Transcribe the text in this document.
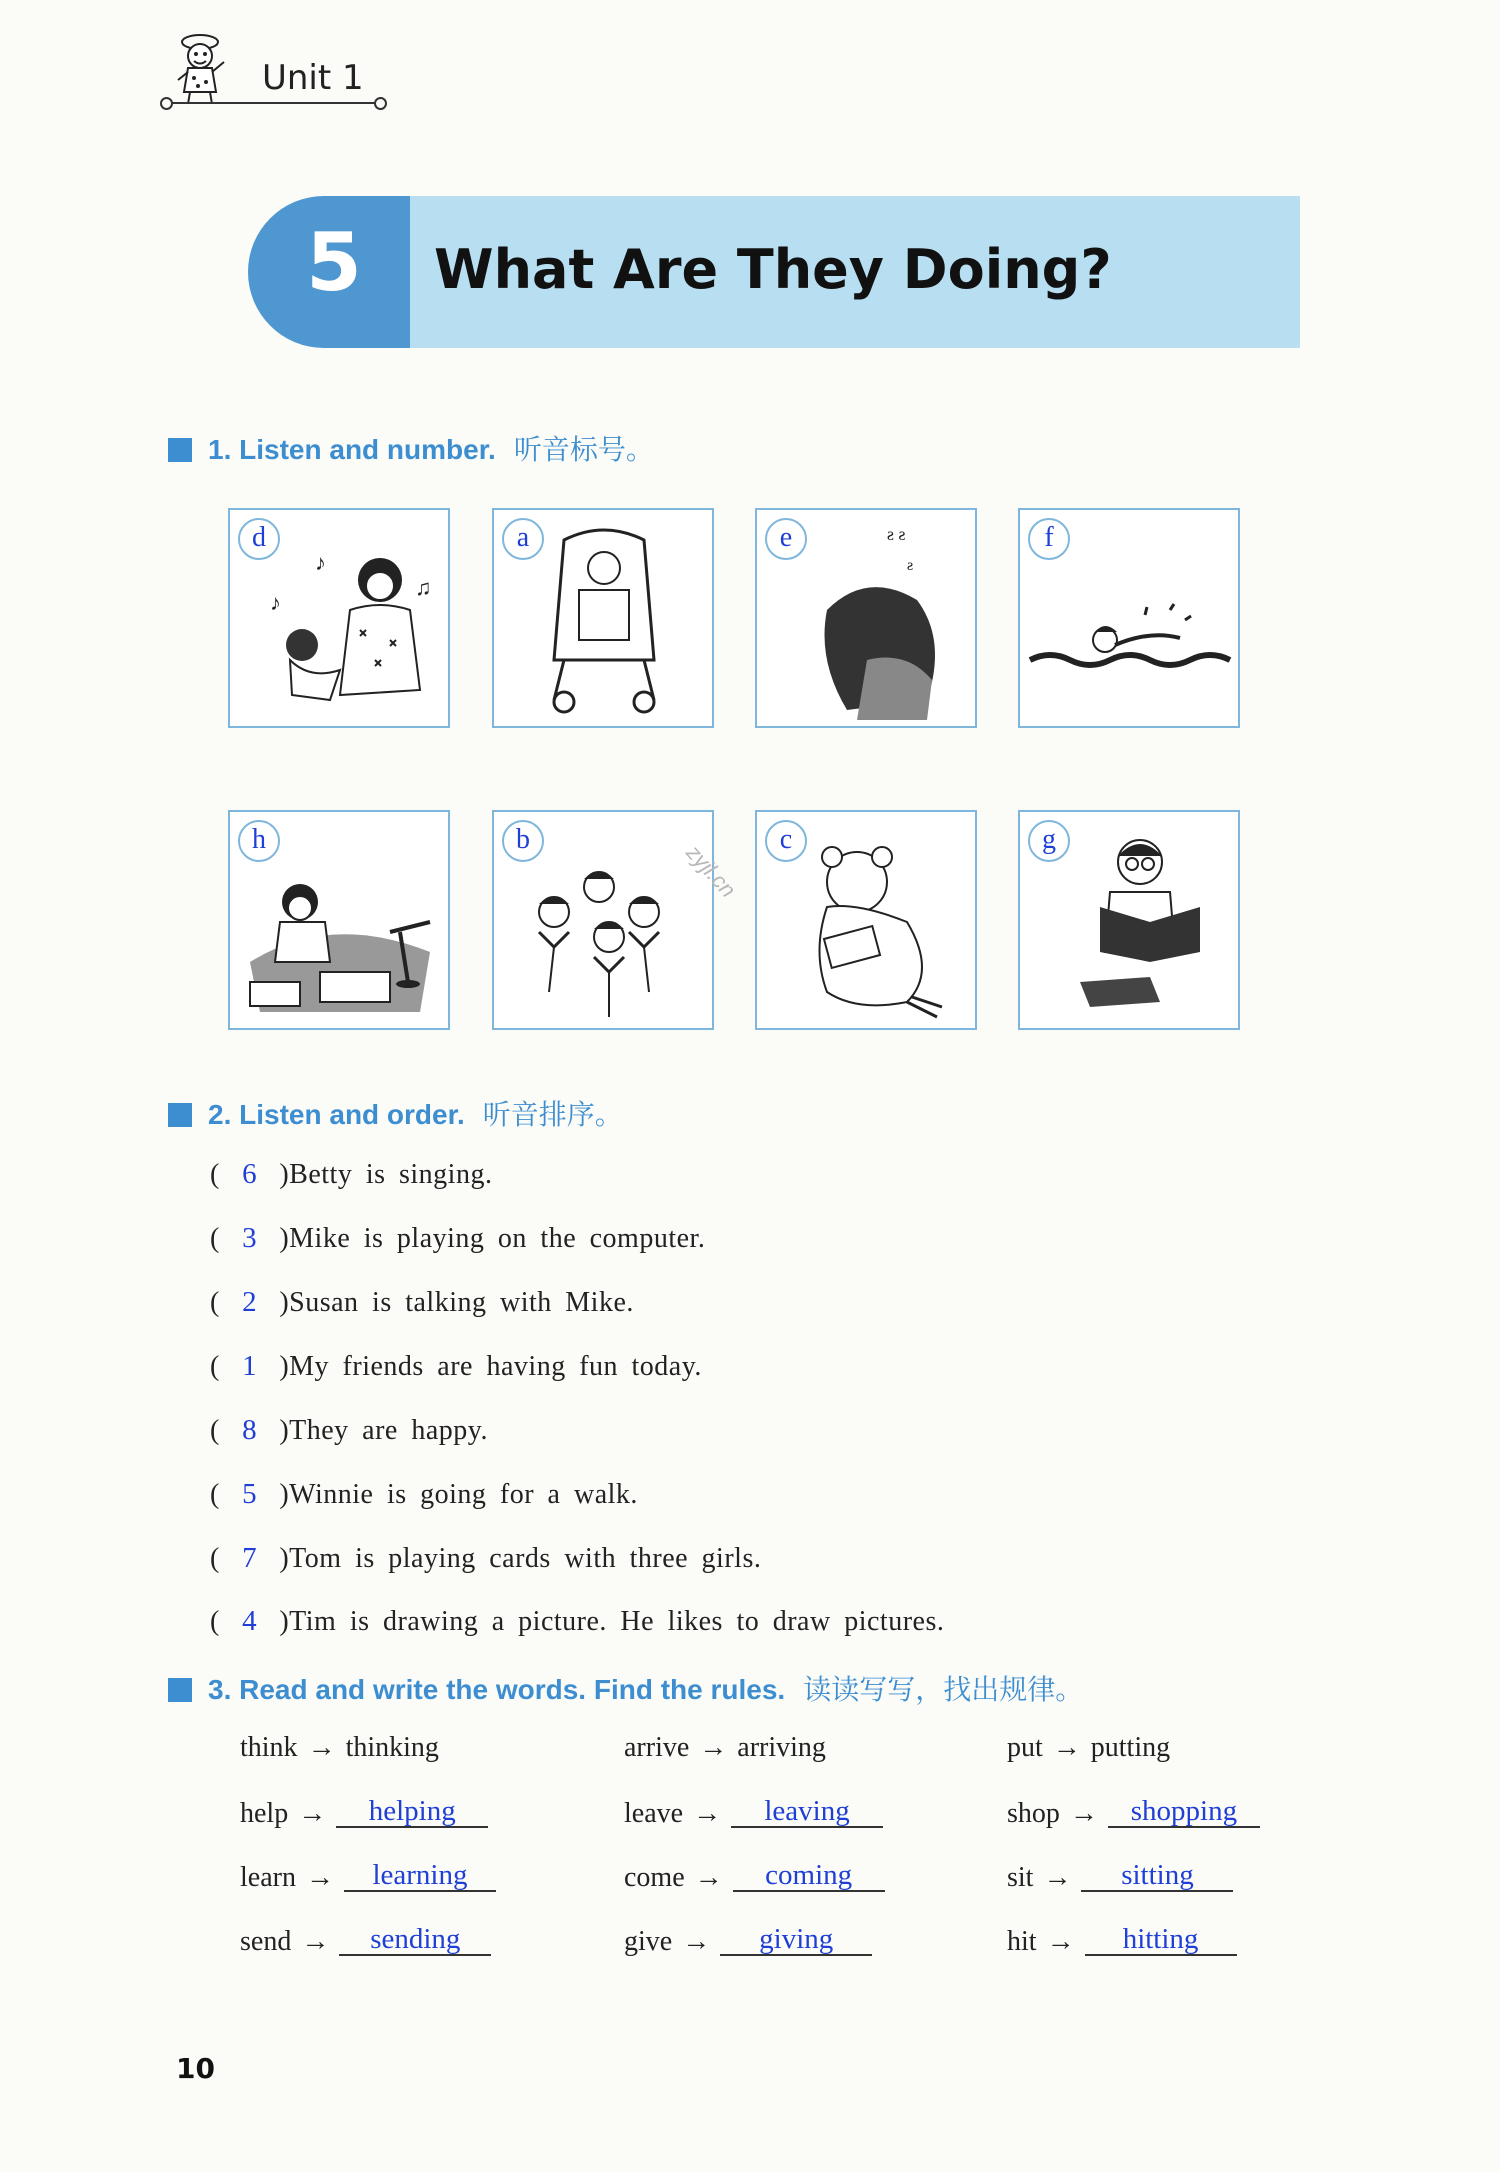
Unit 1
5	What Are They Doing?
1. Listen and number. 听音标号。
♪
♪
♫
d	a	ƨ ƨ
ƨ
e	f
h	b	c	g
zyjl.cn
2. Listen and order. 听音排序。
( 6 )Betty is singing.
( 3 )Mike is playing on the computer.
( 2 )Susan is talking with Mike.
( 1 )My friends are having fun today.
( 8 )They are happy.
( 5 )Winnie is going for a walk.
( 7 )Tom is playing cards with three girls.
( 4 )Tim is drawing a picture. He likes to draw pictures.
3. Read and write the words. Find the rules. 读读写写，找出规律。
think → thinking	arrive → arriving	put → putting
help → helping	leave → leaving	shop → shopping
learn → learning	come → coming	sit → sitting
send → sending	give → giving	hit → hitting
10
